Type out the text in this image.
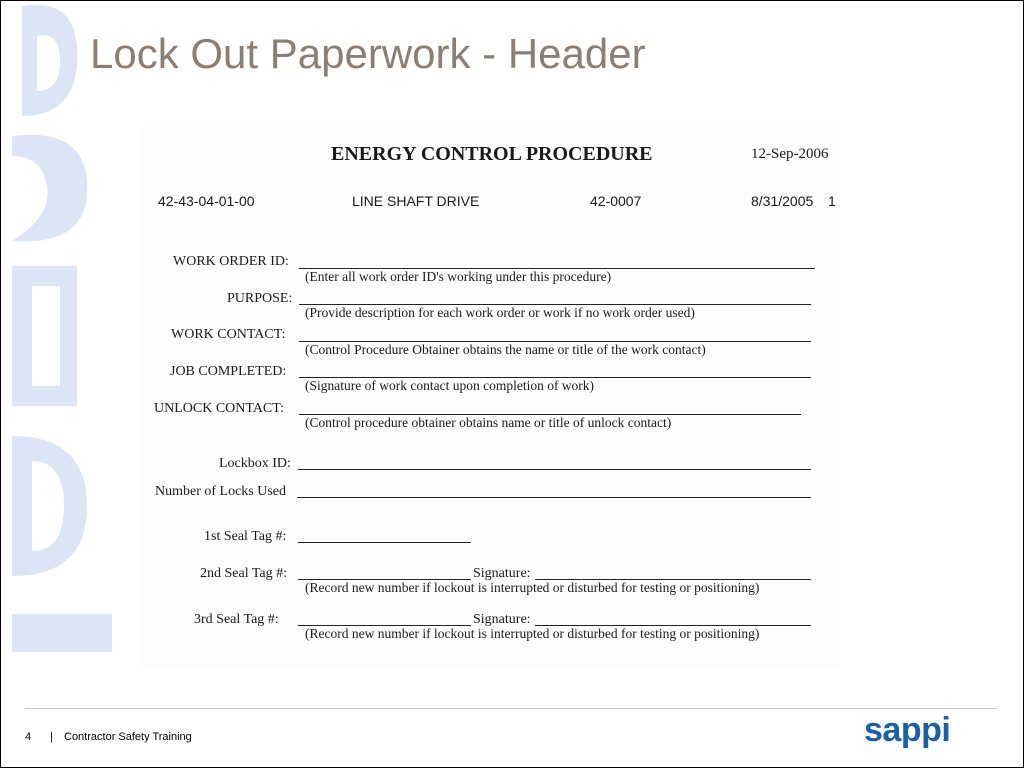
Lock Out Paperwork - Header
ENERGY CONTROL PROCEDURE	12-Sep-2006
42-43-04-01-00	LINE SHAFT DRIVE	42-0007	8/31/2005 1
WORK ORDER ID:
(Enter all work order ID's working under this procedure)
PURPOSE:
(Provide description for each work order or work if no work order used)
WORK CONTACT:
(Control Procedure Obtainer obtains the name or title of the work contact)
JOB COMPLETED:
(Signature of work contact upon completion of work)
UNLOCK CONTACT:
(Control procedure obtainer obtains name or title of unlock contact)
Lockbox ID:
Number of Locks Used
1st Seal Tag #:
2nd Seal Tag #:	Signature:
(Record new number if lockout is interrupted or disturbed for testing or positioning)
3rd Seal Tag #:	Signature:
(Record new number if lockout is interrupted or disturbed for testing or positioning)
4 | Contractor Safety Training	sappi
